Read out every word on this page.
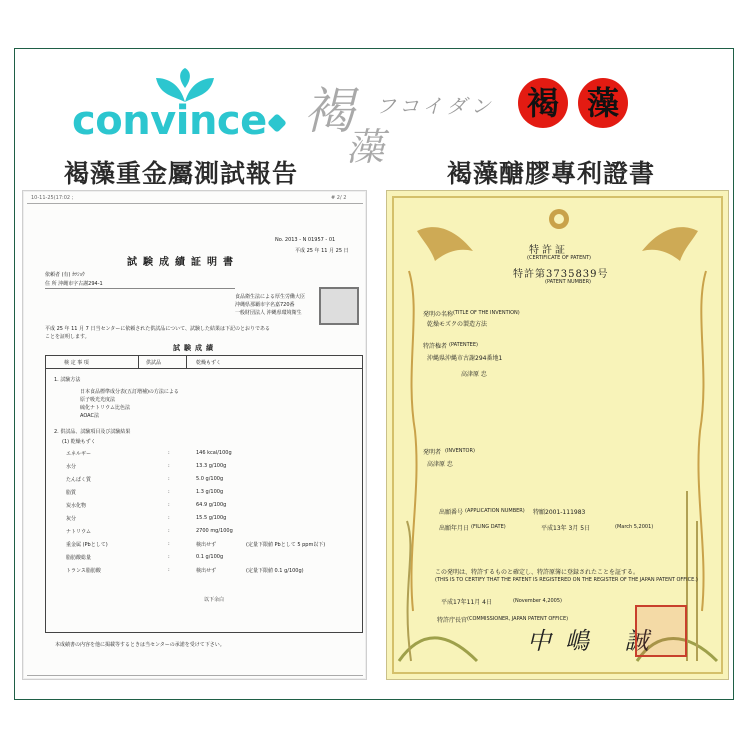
convince 褐
藻
フコイダン 褐 藻
褐藻重金屬測試報告	褐藻醣膠專利證書
10-11-25(17:02 ;	# 2/ 2
No. 2013 - N 01957 - 01
平成 25 年 11 月 25 日
試験成績証明書
依頼者 (有) ｶﾂｼｮｳ
住 所 沖縄市字古謝294-1
食品衛生法による厚生労働大臣
沖縄県那覇市字名嘉720番
一般財団法人 沖縄県環境衛生
平成 25 年 11 月 7 日当センターに依頼された供試品について、試験した結果は下記のとおりである
ことを証明します。
試験成績
検 定 事 項	供試品	乾燥もずく
1. 試験方法
日本食品標準成分表(五訂増補)の方法による
原子吸光光度法
硫化ナトリウム比色法
AOAC法
2. 供試品、試験項目及び試験結果
(1) 乾燥もずく
エネルギー	146 kcal/100g
:
水分	13.3 g/100g
:
たんぱく質	5.0 g/100g
:
脂質	1.3 g/100g
:
炭水化物	64.9 g/100g
:
灰分	15.5 g/100g
:
ナトリウム	2700 mg/100g
:
重金属 (Pbとして)	検出せず	(定量下限値 Pbとして 5 ppm以下)
:
脂肪酸総量	0.1 g/100g
:
トランス脂肪酸	検出せず	(定量下限値 0.1 g/100g)
:
以下余白
本成績書の内容を他に掲載等するときは当センターの承諾を受けて下さい。
特許証
(CERTIFICATE OF PATENT)
特許第3735839号
(PATENT NUMBER)
発明の名称 (TITLE OF THE INVENTION)
乾燥モズクの製造方法
特許権者 (PATENTEE)
沖縄県沖縄市古謝294番地1
高津原 忠
発明者 (INVENTOR)
高津原 忠
出願番号 (APPLICATION NUMBER) 特願2001-111983
出願年月日 (FILING DATE)	平成13年 3月 5日	(March 5,2001)
この発明は、特許するものと確定し、特許原簿に登録されたことを証する。
(THIS IS TO CERTIFY THAT THE PATENT IS REGISTERED ON THE REGISTER OF THE JAPAN PATENT OFFICE.)
平成17年11月 4日	(November 4,2005)
特許庁長官 (COMMISSIONER, JAPAN PATENT OFFICE)
中嶋 誠
